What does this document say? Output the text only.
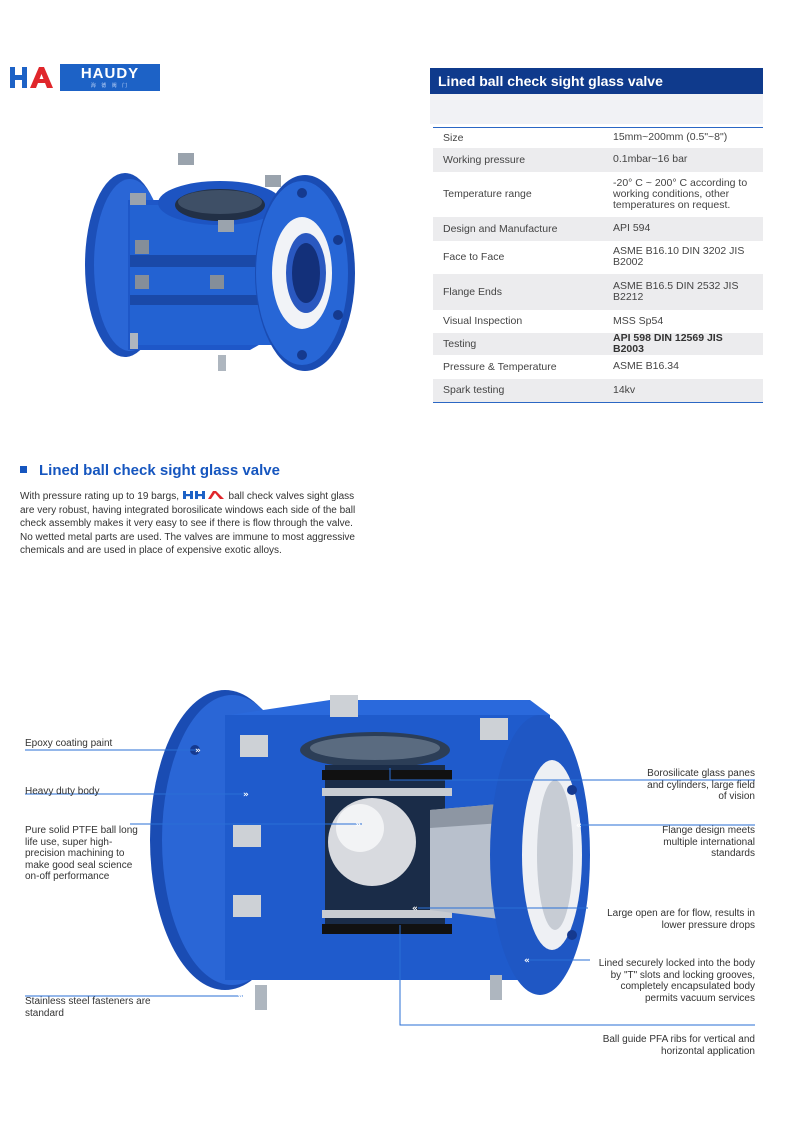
HAUDY
海 德 阀 门	Lined ball check sight glass valve
Size	15mm~200mm (0.5"~8")
Working pressure	0.1mbar~16 bar
Temperature range	-20° C ~ 200° C according to working conditions, other temperatures on request.
Design and Manufacture	API 594
Face to Face	ASME B16.10 DIN 3202 JIS B2002
Flange Ends	ASME B16.5 DIN 2532 JIS B2212
Visual Inspection	MSS Sp54
Testing	API 598 DIN 12569 JIS B2003
Pressure & Temperature	ASME B16.34
Spark testing	14kv
Lined ball check sight glass valve
With pressure rating up to 19 bargs,	ball check valves sight glass are very robust, having integrated borosilicate windows each side of the ball check assembly makes it very easy to see if there is flow through the valve. No wetted metal parts are used. The valves are immune to most aggressive chemicals and are used in place of expensive exotic alloys.
»
»
»
»
«
«
«
Epoxy coating paint
Heavy duty body
Pure solid PTFE ball long life use, super high-precision machining to make good seal science on-off performance
Stainless steel fasteners are standard
Borosilicate glass panes and cylinders, large field of vision
Flange design meets multiple international standards
Large open are for flow, results in lower pressure drops
Lined securely locked into the body by "T" slots and locking grooves, completely encapsulated body permits vacuum services
Ball guide PFA ribs for vertical and horizontal application
